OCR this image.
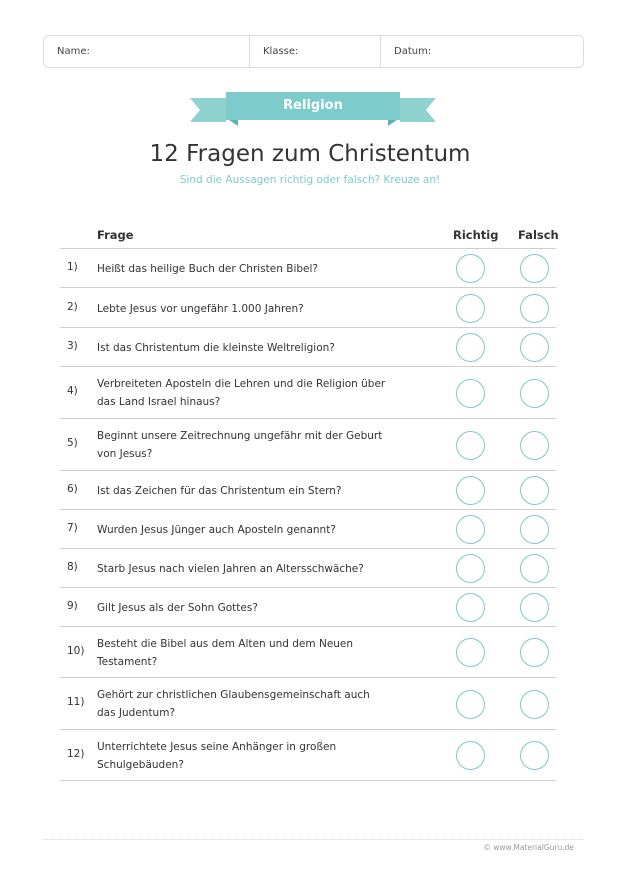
Name:	Klasse:	Datum:
Religion
12 Fragen zum Christentum
Sind die Aussagen richtig oder falsch? Kreuze an!
Frage	Richtig Falsch
1) Heißt das heilige Buch der Christen Bibel?
2) Lebte Jesus vor ungefähr 1.000 Jahren?
3) Ist das Christentum die kleinste Weltreligion?
4)
Verbreiteten Aposteln die Lehren und die Religion über
das Land Israel hinaus?
5)
Beginnt unsere Zeitrechnung ungefähr mit der Geburt
von Jesus?
6) Ist das Zeichen für das Christentum ein Stern?
7) Wurden Jesus Jünger auch Aposteln genannt?
8) Starb Jesus nach vielen Jahren an Altersschwäche?
9) Gilt Jesus als der Sohn Gottes?
10)
Besteht die Bibel aus dem Alten und dem Neuen
Testament?
11)
Gehört zur christlichen Glaubensgemeinschaft auch
das Judentum?
12)
Unterrichtete Jesus seine Anhänger in großen
Schulgebäuden?
© www.MaterialGuru.de
